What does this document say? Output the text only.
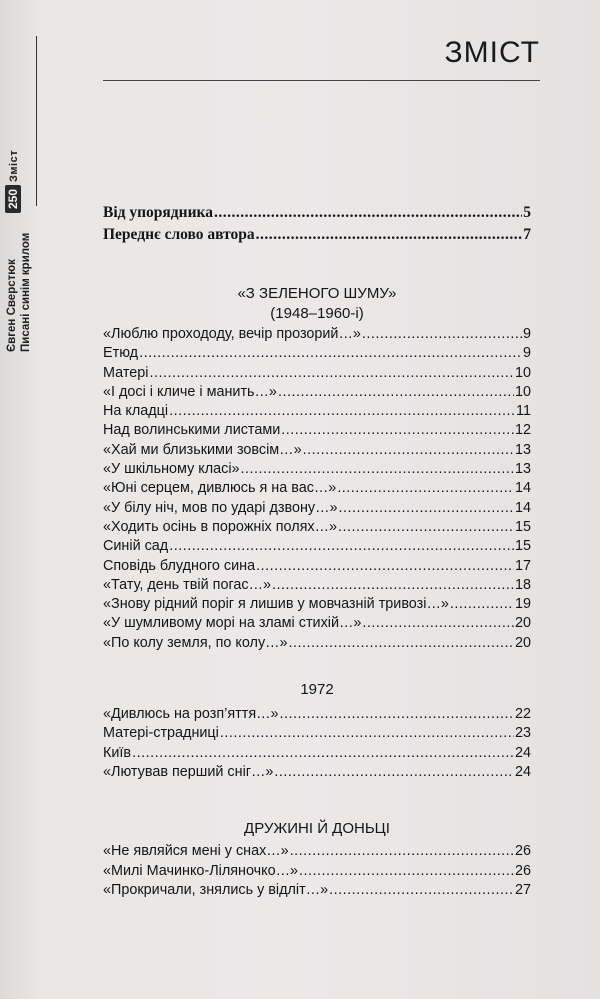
Зміст
250
Євген Сверстюк Писані синім крилом
ЗМІСТ
Від упорядника .....	5
Переднє слово автора .....	7
«З ЗЕЛЕНОГО ШУМУ»
(1948–1960-і)
«Люблю прохододу, вечір прозорий…» .....	9
Етюд .....	9
Матері .....	10
«І досі і кличе і манить…» .....	10
На кладці .....	11
Над волинськими листами .....	12
«Хай ми близькими зовсім…» .....	13
«У шкільному класі» .....	13
«Юні серцем, дивлюсь я на вас…» .....	14
«У білу ніч, мов по ударі дзвону…» .....	14
«Ходить осінь в порожніх полях…» .....	15
Синій сад .....	15
Сповідь блудного сина .....	17
«Тату, день твій погас…» .....	18
«Знову рідний поріг я лишив у мовчазній тривозі…» .....	19
«У шумливому морі на зламі стихій…» .....	20
«По колу земля, по колу…» .....	20
1972
«Дивлюсь на розп’яття…» .....	22
Матері-страдниці .....	23
Київ .....	24
«Лютував перший сніг…» .....	24
ДРУЖИНІ Й ДОНЬЦІ
«Не являйся мені у снах…» .....	26
«Милі Мачинко-Ліляночко…» .....	26
«Прокричали, знялись у відліт…» .....	27
